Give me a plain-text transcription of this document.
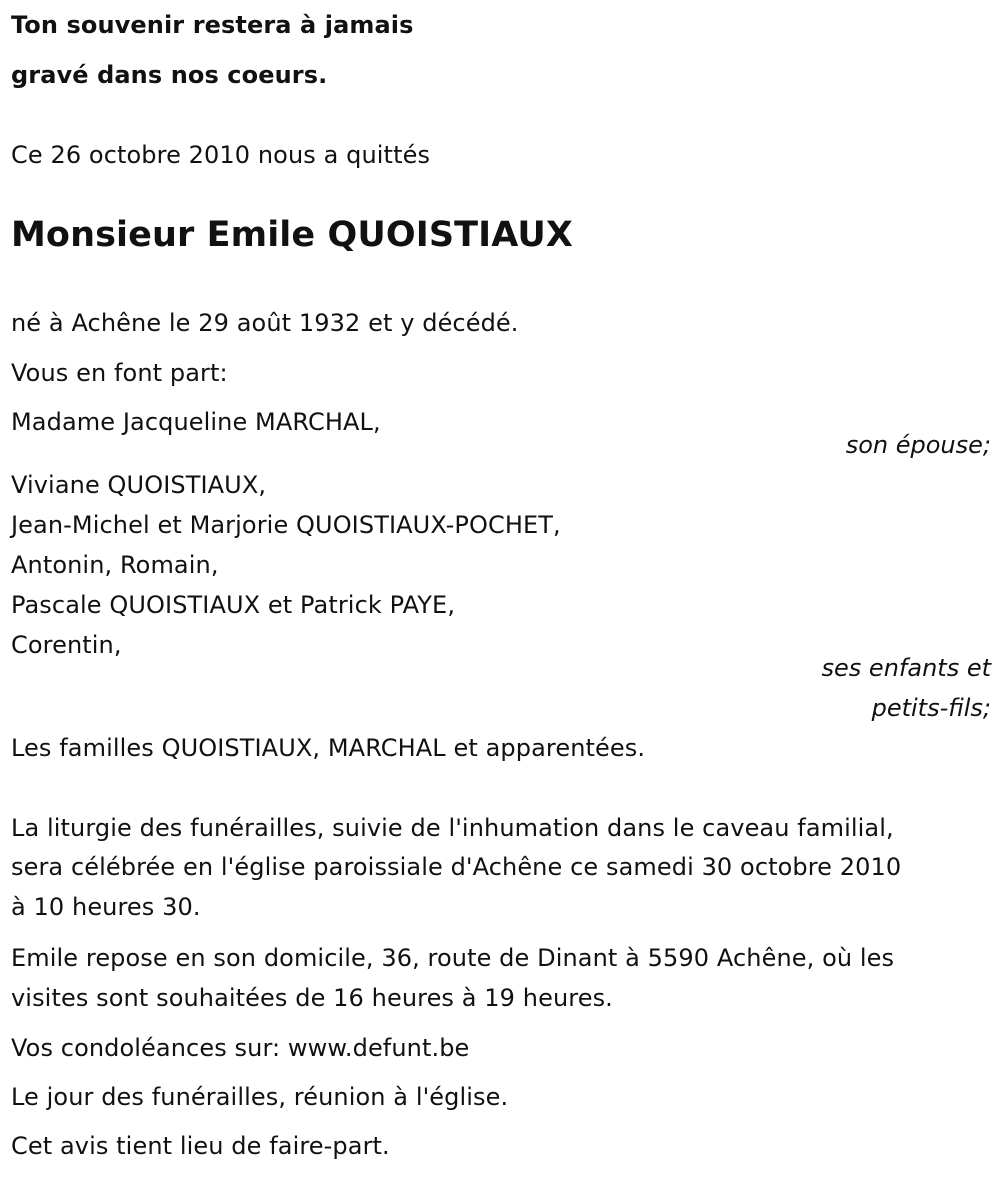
Ton souvenir restera à jamais
gravé dans nos coeurs.
Ce 26 octobre 2010 nous a quittés
Monsieur Emile QUOISTIAUX
né à Achêne le 29 août 1932 et y décédé.
Vous en font part:
Madame Jacqueline MARCHAL,
son épouse;
Viviane QUOISTIAUX,
Jean-Michel et Marjorie QUOISTIAUX-POCHET,
Antonin, Romain,
Pascale QUOISTIAUX et Patrick PAYE,
Corentin,
ses enfants et
petits-fils;
Les familles QUOISTIAUX, MARCHAL et apparentées.
La liturgie des funérailles, suivie de l'inhumation dans le caveau familial,
sera célébrée en l'église paroissiale d'Achêne ce samedi 30 octobre 2010
à 10 heures 30.
Emile repose en son domicile, 36, route de Dinant à 5590 Achêne, où les
visites sont souhaitées de 16 heures à 19 heures.
Vos condoléances sur: www.defunt.be
Le jour des funérailles, réunion à l'église.
Cet avis tient lieu de faire-part.
